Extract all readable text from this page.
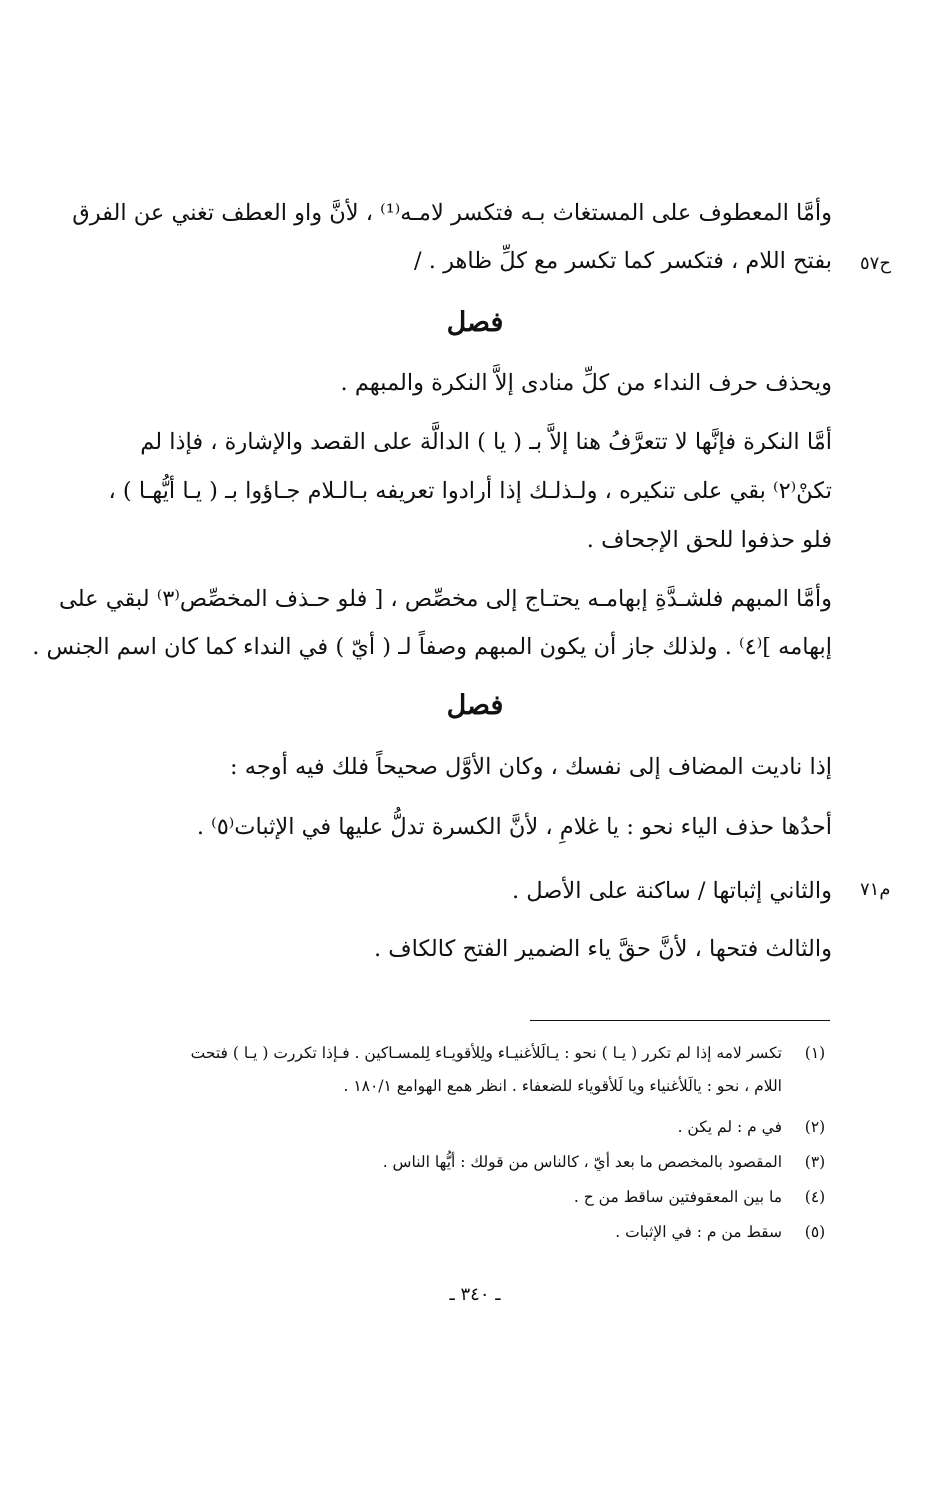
ح٥٧
م٧١
وأمَّا المعطوف على المستغاث بـه فتكسر لامـه⁽¹⁾ ، لأنَّ واو العطف تغني عن الفرق
بفتح اللام ، فتكسر كما تكسر مع كلِّ ظاهر . /
فصل
ويحذف حرف النداء من كلِّ منادى إلاَّ النكرة والمبهم .
أمَّا النكرة فإنَّها لا تتعرَّفُ هنا إلاَّ بـ ( يا ) الدالَّة على القصد والإشارة ، فإذا لم
تكنْ⁽٢⁾ بقي على تنكيره ، ولـذلـك إذا أرادوا تعريفه بـالـلام جـاؤوا بـ ( يـا أيُّهـا ) ،
فلو حذفوا للحق الإجحاف .
وأمَّا المبهم فلشـدَّةِ إبهامـه يحتـاج إلى مخصِّص ، [ فلو حـذف المخصِّص⁽٣⁾ لبقي على
إبهامه ]⁽٤⁾ . ولذلك جاز أن يكون المبهم وصفاً لـ ( أيّ ) في النداء كما كان اسم الجنس .
فصل
إذا ناديت المضاف إلى نفسك ، وكان الأوَّل صحيحاً فلك فيه أوجه :
أحدُها حذف الياء نحو : يا غلامِ ، لأنَّ الكسرة تدلُّ عليها في الإثبات⁽٥⁾ .
والثاني إثباتها / ساكنة على الأصل .
والثالث فتحها ، لأنَّ حقَّ ياء الضمير الفتح كالكاف .
(١)
تكسر لامه إذا لم تكرر ( يـا ) نحو : يـالَلأغنيـاء ولِلأقويـاء لِلمسـاكين . فـإذا تكررت ( يـا ) فتحت
اللام ، نحو : يالَلأغنياء ويا لَلأقوياء للضعفاء . انظر همع الهوامع ١٨٠/١ .
(٢)
في م : لم يكن .
(٣)
المقصود بالمخصص ما بعد أيّ ، كالناس من قولك : أيُّها الناس .
(٤)
ما بين المعقوفتين ساقط من ح .
(٥)
سقط من م : في الإثبات .
ـ ٣٤٠ ـ
